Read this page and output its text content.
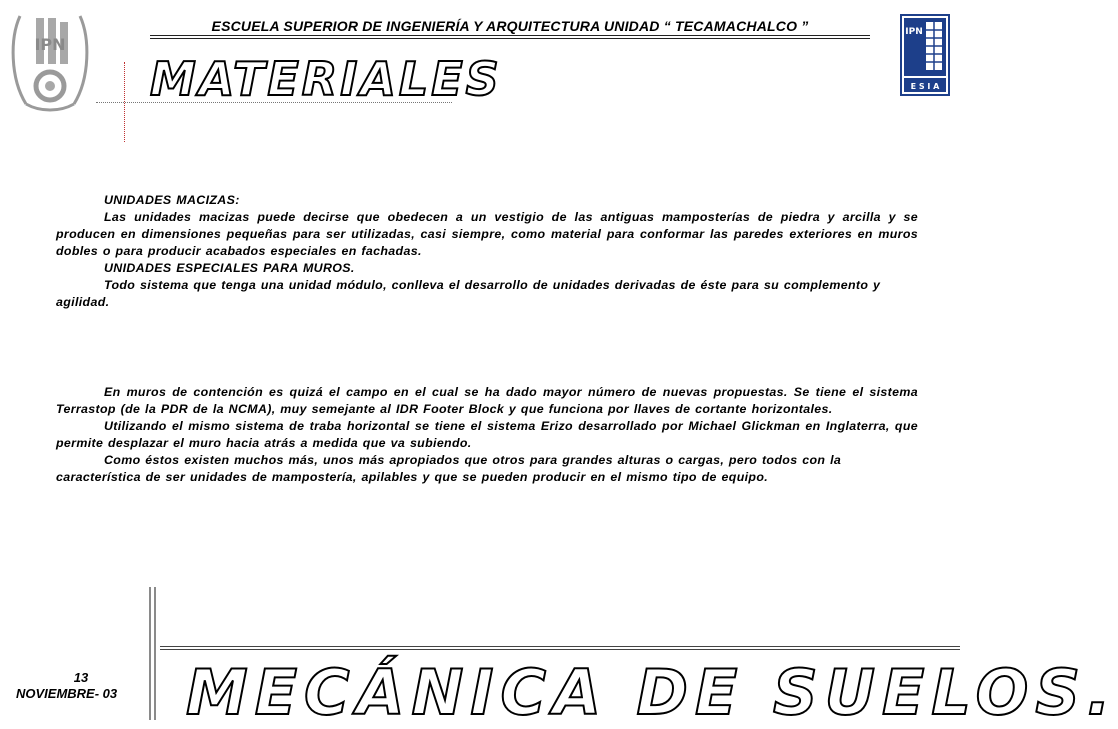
ESCUELA SUPERIOR DE INGENIERÍA Y ARQUITECTURA UNIDAD “ TECAMACHALCO ”
IPN
IPN
E S I A
MATERIALES

UNIDADES MACIZAS:

Las unidades macizas puede decirse que obedecen a un vestigio de las antiguas mamposterías de piedra y arcilla y se producen en dimensiones pequeñas para ser utilizadas, casi siempre, como material para conformar las paredes exteriores en muros dobles o para producir acabados especiales en fachadas.

UNIDADES ESPECIALES PARA MUROS.

Todo sistema que tenga una unidad módulo, conlleva el desarrollo de unidades derivadas de éste para su complemento y agilidad.

En muros de contención es quizá el campo en el cual se ha dado mayor número de nuevas propuestas. Se tiene el sistema Terrastop (de la PDR de la NCMA), muy semejante al IDR Footer Block y que funciona por llaves de cortante horizontales.

Utilizando el mismo sistema de traba horizontal se tiene el sistema Erizo desarrollado por Michael Glickman en Inglaterra, que permite desplazar el muro hacia atrás a medida que va subiendo.

Como éstos existen muchos más, unos más apropiados que otros para grandes alturas o cargas, pero todos con la característica de ser unidades de mampostería, apilables y que se pueden producir en el mismo tipo de equipo.

13
NOVIEMBRE- 03 MECÁNICA DE SUELOS.
